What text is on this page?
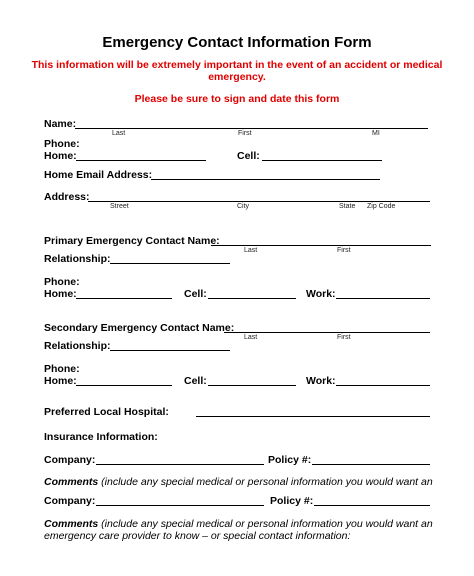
Emergency Contact Information Form
This information will be extremely important in the event of an accident or medical
emergency.
Please be sure to sign and date this form
Name:
Last	First	MI
Phone:
Home:	Cell:
Home Email Address:
Address:
Street	City	State Zip Code
Primary Emergency Contact Name:
Last	First
Relationship:
Phone:
Home:	Cell:	Work:
Secondary Emergency Contact Name:
Last	First
Relationship:
Phone:
Home:	Cell:	Work:
Preferred Local Hospital:
Insurance Information:
Company:	Policy #:
Comments (include any special medical or personal information you would want an
Company:	Policy #:
Comments (include any special medical or personal information you would want an
emergency care provider to know – or special contact information:
